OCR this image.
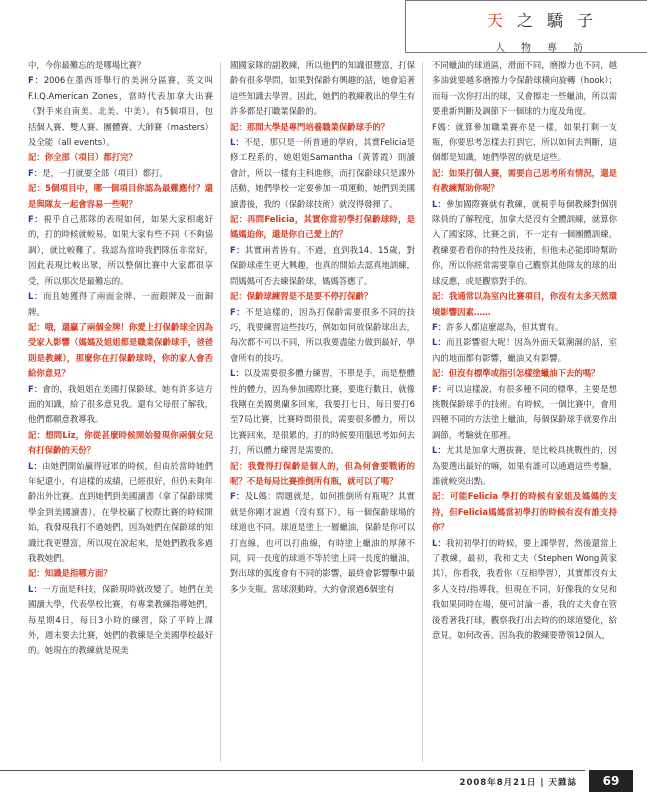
天之驕子
人物專訪

中，今你最難忘的是哪場比賽？

F：2006在墨西哥舉行的美洲分區賽，英文叫F.I.Q.American Zones，當時代表加拿大出賽（對手來自南美、北美、中美）。有5個項目，包括個人賽、雙人賽、團體賽、大師賽（masters）及全能（all events）。

記：你全部（項目）都打完？

F：是，一打就要全部（項目）都打。

記：5個項目中，哪一個項目你認為最難應付？還是與隊友一起會容易一些呢？

F：視乎自己那隊的表現如何，如果大家相處好的，打的時候就較易，如果大家有些不同（不夠協調），就比較難了。我認為當時我們隊伍非常好，因此表現比較出眾，所以整個比賽中大家都很享受，所以那次是最難忘的。

L：而且她獲得了兩面金牌、一面銀牌及一面銅牌。

記：哦，還贏了兩個金牌！你愛上打保齡球全因為受家人影響（媽媽及姐姐都是職業保齡球手，爸爸則是教練），那麼你在打保齡球時，你的家人會否給你意見？

F：會的，我姐姐在美國打保齡球。她有許多這方面的知識，給了很多意見我。還有父母很了解我，他們都願意教導我。

記：想問Liz，你從甚麼時候開始發現你兩個女兒有打保齡的天份？

L：由她們開始贏得冠軍的時候，但由於當時她們年紀還小，有這樣的成績，已經很好，但仍未夠年齡出外比賽。直到她們到美國讀書（拿了保齡球獎學金到美國讀書），在學校贏了校際比賽的時候開始，我發現我打不過她們，因為她們在保齡球的知識比我更豐富，所以現在說起來，是她們教我多過我教她們。

記：知識是指哪方面？

L：一方面是科技，保齡現時就改變了。她們在美國讀大學，代表學校比賽，有專業教練指導她們，每星期4日，每日3小時的練習，除了平時上課外，週末要去比賽，她們的教練是全美國學校最好的。她現在的教練就是現美

國國家隊的副教練，所以他們的知識很豐富，打保齡有很多學問，如果對保齡有興趣的話，她會追著這些知識去學習。因此，她們的教練教出的學生有許多都是打職業保齡的。

記：那間大學是專門培養職業保齡球手的？

L：不是，那只是一所普通的學府，其實Felicia是修工程系的，她姐姐Samantha（黃菁霞）則讀會計，所以一樣有主科進修，而打保齡球只是課外活動，她們學校一定要參加一項運動，她們到美國讀書後，我的（保齡球技術）就沒得發揮了。

記：再問Felicia，其實你當初學打保齡球時，是媽媽迫你，還是你自己愛上的？

F：其實兩者皆有。不過，直到我14、15歲，對保齡球產生更大興趣，也真的開始去認真地訓練，問媽媽可否去練保齡球，媽媽答應了。

記：保齡球練習是不是要不停打保齡？

F：不是這樣的，因為打保齡需要很多不同的技巧，我要練習這些技巧，例如如何放保齡球出去，每次都不可以不同，所以我要盡能力做到最好，學會所有的技巧。

L：以及需要很多體力練習，不單是手，而是整體性的體力，因為參加國際比賽，要進行數日，就像我剛在美國奧蘭多回來，我要打七日，每日要打6至7局比賽，比賽時間很長，需要很多體力，所以比賽回來，是很累的。打的時候要用腦思考如何去打，所以體力練習是需要的。

記：我覺得打保齡是個人的，但為何會要戰術的呢？不是每局比賽推倒所有瓶，就可以了嗎？

F：及L媽：問題就是，如何推倒所有瓶呢？其實就是你剛才說過（沒有寫下），每一個保齡球場的球道也不同。球道是塗上一層蠟油，保齡是你可以打直線，也可以打曲線，有時塗上蠟油的厚薄不同，同一長度的球道不等於塗上同一長度的蠟油，對出球的弧度會有不同的影響，最終會影響擊中最多少支瓶。當球滾動時，大約會滾過6個塗有

不同蠟油的球道區，滑面不同，磨擦力也不同，越多油就要越多磨擦力令保齡球橫向旋轉（hook）；而每一次你打出的球，又會擦走一些蠟油，所以需要重新判斷及調節下一個球的力度及角度。

F媽：就算參加職業賽亦是一樣，如果打剩一支瓶，你要思考怎樣去打到它，所以如何去判斷，這個都是知識，她們學習的就是這些。

記：如果打個人賽，需要自己思考所有情況，還是有教練幫助你呢？

L：參加國際賽就有教練，就視乎每個教練對個別隊員的了解程度，加拿大是沒有全體訓練，就算你入了國家隊，比賽之前，不一定有一個團體訓練。教練要看看你的特性及技術，但他未必能即時幫助你，所以你經常需要靠自己觀察其他隊友的球的出球反應，或是觀察對手的。

記：我通常以為室內比賽項目，你沒有太多天然環境影響因素……

F：許多人都這麼認為，但其實有。

L：而且影響很大呢！因為外面天氣潮濕的話，室內的地面都有影響，蠟油又有影響。

記：但沒有標準或指引怎樣塗蠟油下去的嗎？

F：可以這樣說，有很多種不同的標準，主要是想挑戰保齡球手的技術。有時候，一個比賽中，會用四種不同的方法塗上蠟油，每個保齡球手就要作出調節，考驗就在那裡。

L：尤其是加拿大選拔賽，是比較具挑戰性的，因為要選出最好的嘛，如果有誰可以通過這些考驗，誰就較突出點。

記：可能Felicia 學打的時候有家姐及媽媽的支持，但Felicia媽媽當初學打的時候有沒有誰支持你？

L：我初初學打的時候，要上課學習，然後還當上了教練，最初，我和丈夫（Stephen Wong黃家其），你看我，我看你（互相學習），其實都沒有太多人支持/指導我，但現在不同，好像我的女兒和我如果同時在場，便可討論一番，我的丈夫會在管後看著我打球，觀察我打出去時的的球道變化，給意見，如何改善。因為我的教練要帶領12個人，

2008年8月21日 | 天雜誌	69
